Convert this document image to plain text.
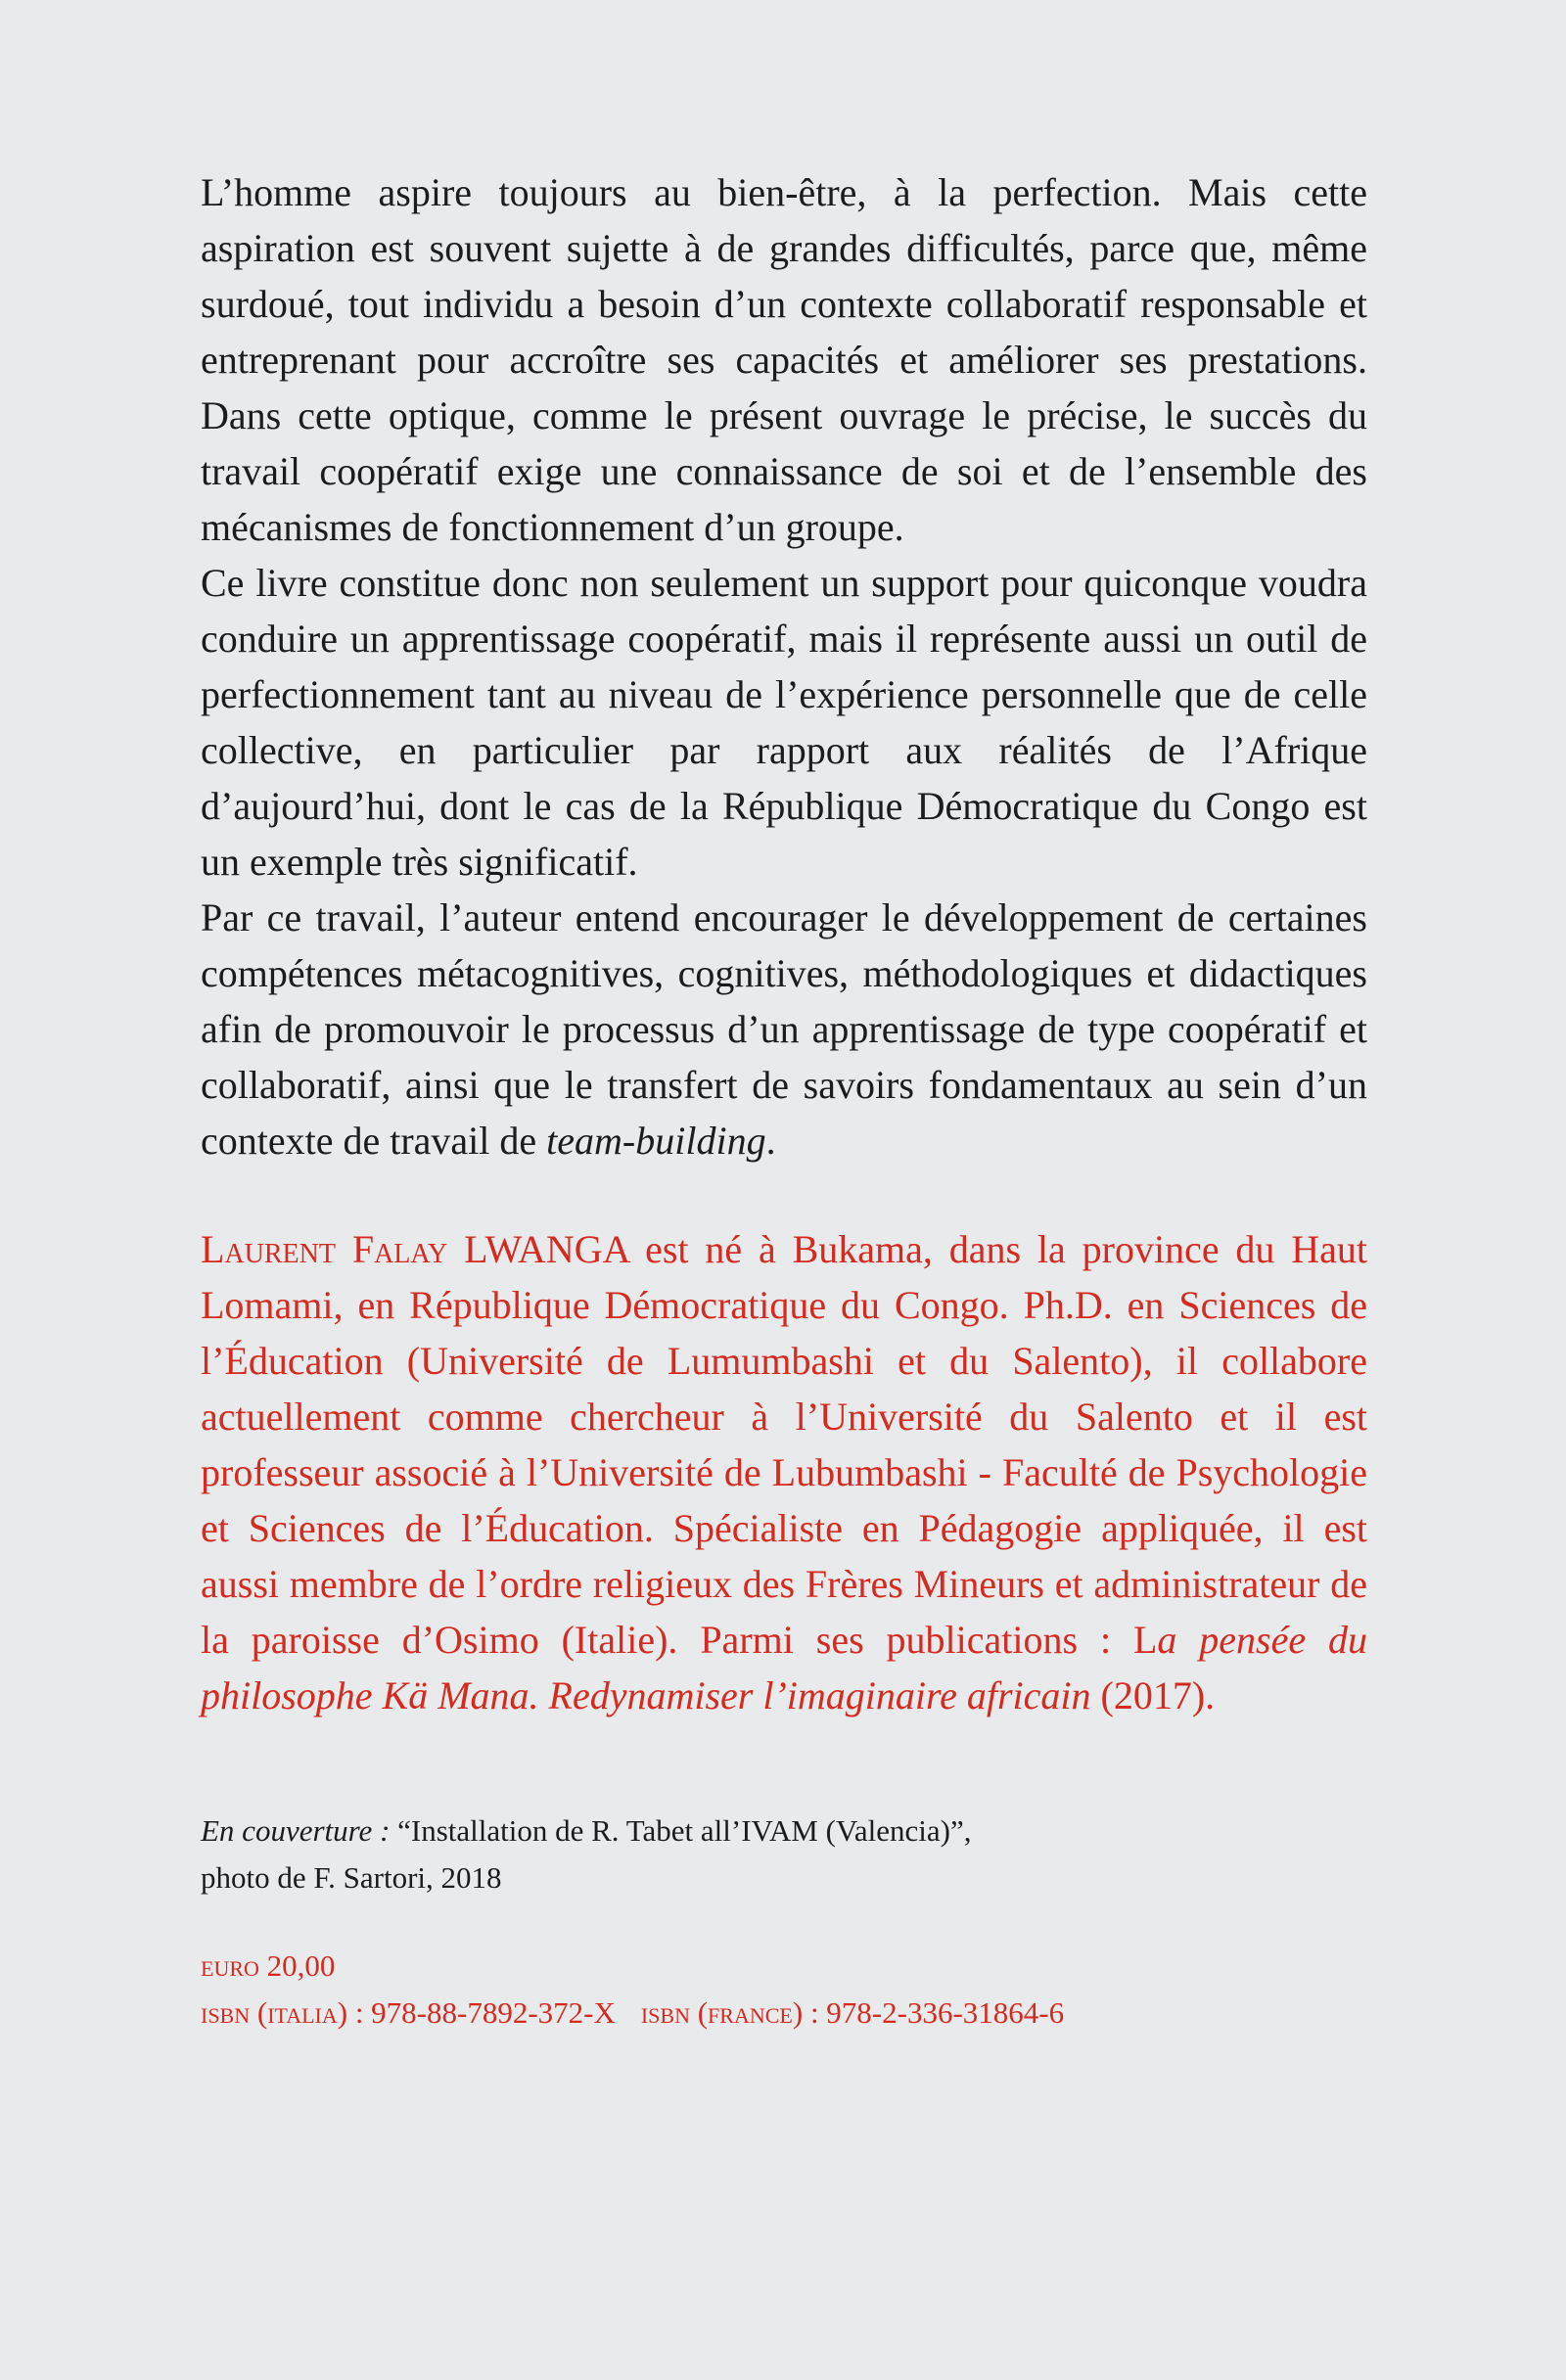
L’homme aspire toujours au bien-être, à la perfection. Mais cette aspiration est souvent sujette à de grandes difficultés, parce que, même surdoué, tout individu a besoin d’un contexte collaboratif responsable et entreprenant pour accroître ses capacités et améliorer ses prestations. Dans cette optique, comme le présent ouvrage le précise, le succès du travail coopératif exige une connaissance de soi et de l’ensemble des mécanismes de fonctionnement d’un groupe.

Ce livre constitue donc non seulement un support pour quiconque voudra conduire un apprentissage coopératif, mais il représente aussi un outil de perfectionnement tant au niveau de l’expérience personnelle que de celle collective, en particulier par rapport aux réalités de l’Afrique d’aujourd’hui, dont le cas de la République Démocratique du Congo est un exemple très significatif.

Par ce travail, l’auteur entend encourager le développement de certaines compétences métacognitives, cognitives, méthodologiques et didactiques afin de promouvoir le processus d’un apprentissage de type coopératif et collaboratif, ainsi que le transfert de savoirs fondamentaux au sein d’un contexte de travail de team-building.

Laurent Falay LWANGA est né à Bukama, dans la province du Haut Lomami, en République Démocratique du Congo. Ph.D. en Sciences de l’Éducation (Université de Lumumbashi et du Salento), il collabore actuellement comme chercheur à l’Université du Salento et il est professeur associé à l’Université de Lubumbashi - Faculté de Psychologie et Sciences de l’Éducation. Spécialiste en Pédagogie appliquée, il est aussi membre de l’ordre religieux des Frères Mineurs et administrateur de la paroisse d’Osimo (Italie). Parmi ses publications : La pensée du philosophe Kä Mana. Redynamiser l’imaginaire africain (2017).

En couverture : “Installation de R. Tabet all’IVAM (Valencia)”,
photo de F. Sartori, 2018
euro 20,00
isbn (italia) : 978-88-7892-372-X isbn (france) : 978-2-336-31864-6
